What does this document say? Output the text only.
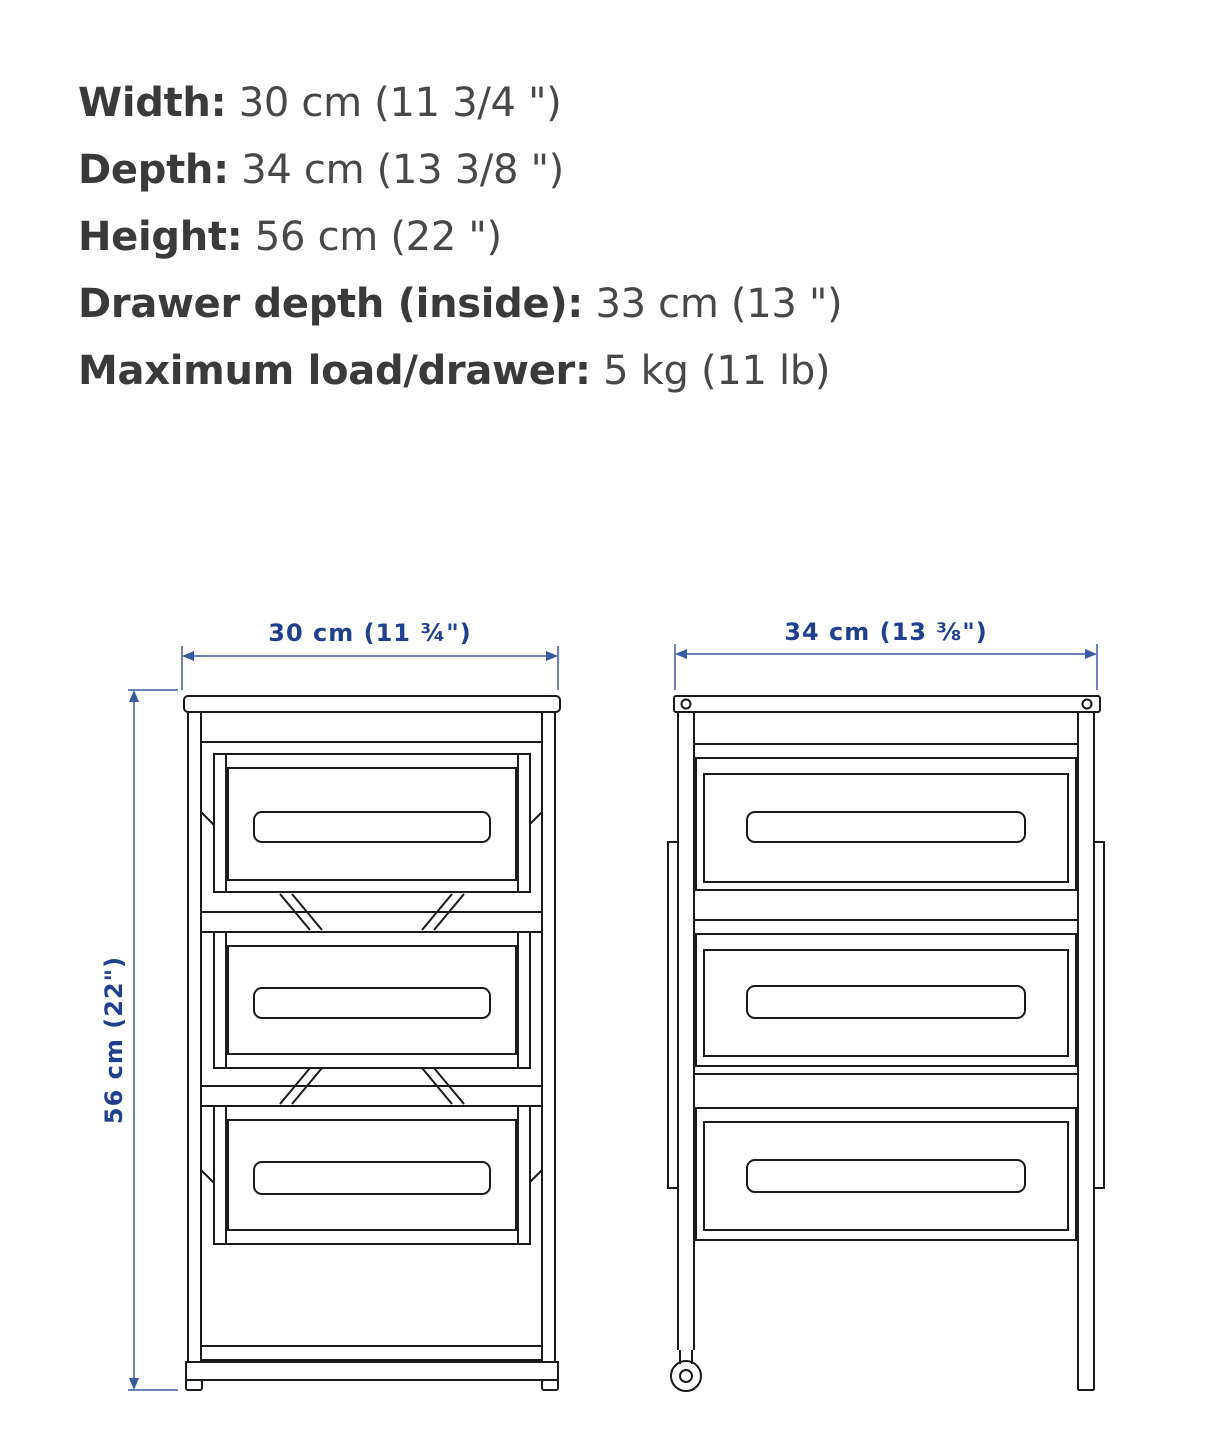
Width: 30 cm (11 3/4 ")
Depth: 34 cm (13 3/8 ")
Height: 56 cm (22 ")
Drawer depth (inside): 33 cm (13 ")
Maximum load/drawer: 5 kg (11 lb)
30 cm (11 ¾")
56 cm (22")
34 cm (13 ⅜")
